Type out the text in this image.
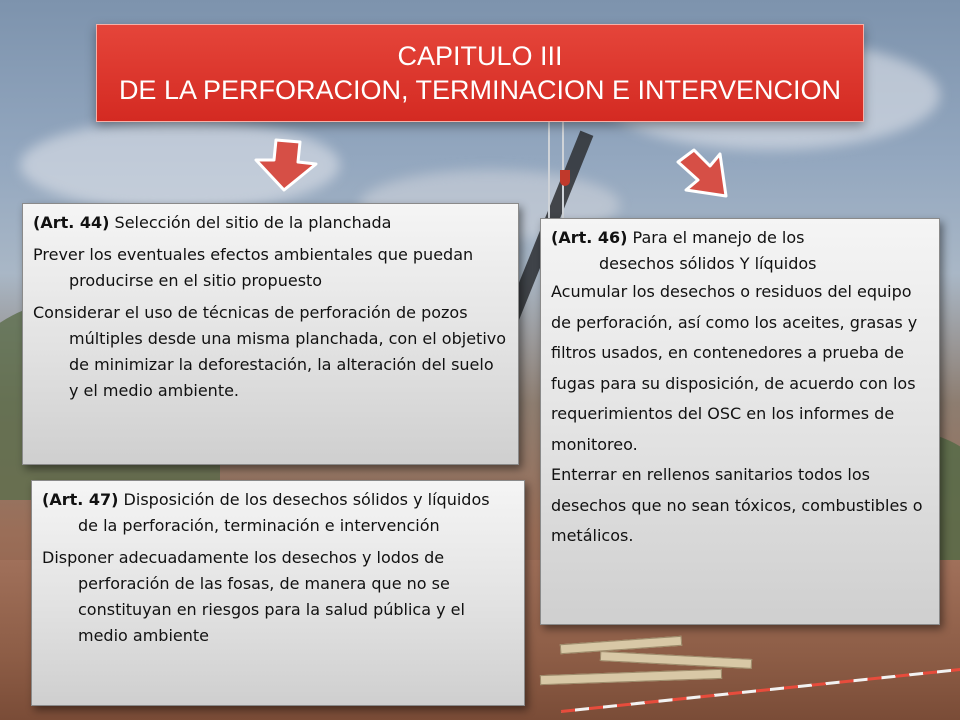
CAPITULO III
DE LA PERFORACION, TERMINACION E INTERVENCION

(Art. 44) Selección del sitio de la planchada

Prever los eventuales efectos ambientales que puedan producirse en el sitio propuesto

Considerar el uso de técnicas de perforación de pozos múltiples desde una misma planchada, con el objetivo de minimizar la deforestación, la alteración del suelo y el medio ambiente.

(Art. 47) Disposición de los desechos sólidos y líquidos de la perforación, terminación e intervención

Disponer adecuadamente los desechos y lodos de perforación de las fosas, de manera que no se constituyan en riesgos para la salud pública y el medio ambiente

(Art. 46) Para el manejo de los

desechos sólidos Y líquidos

Acumular los desechos o residuos del equipo de perforación, así como los aceites, grasas y filtros usados, en contenedores a prueba de fugas para su disposición, de acuerdo con los requerimientos del OSC en los informes de monitoreo.

Enterrar en rellenos sanitarios todos los desechos que no sean tóxicos, combustibles o metálicos.
